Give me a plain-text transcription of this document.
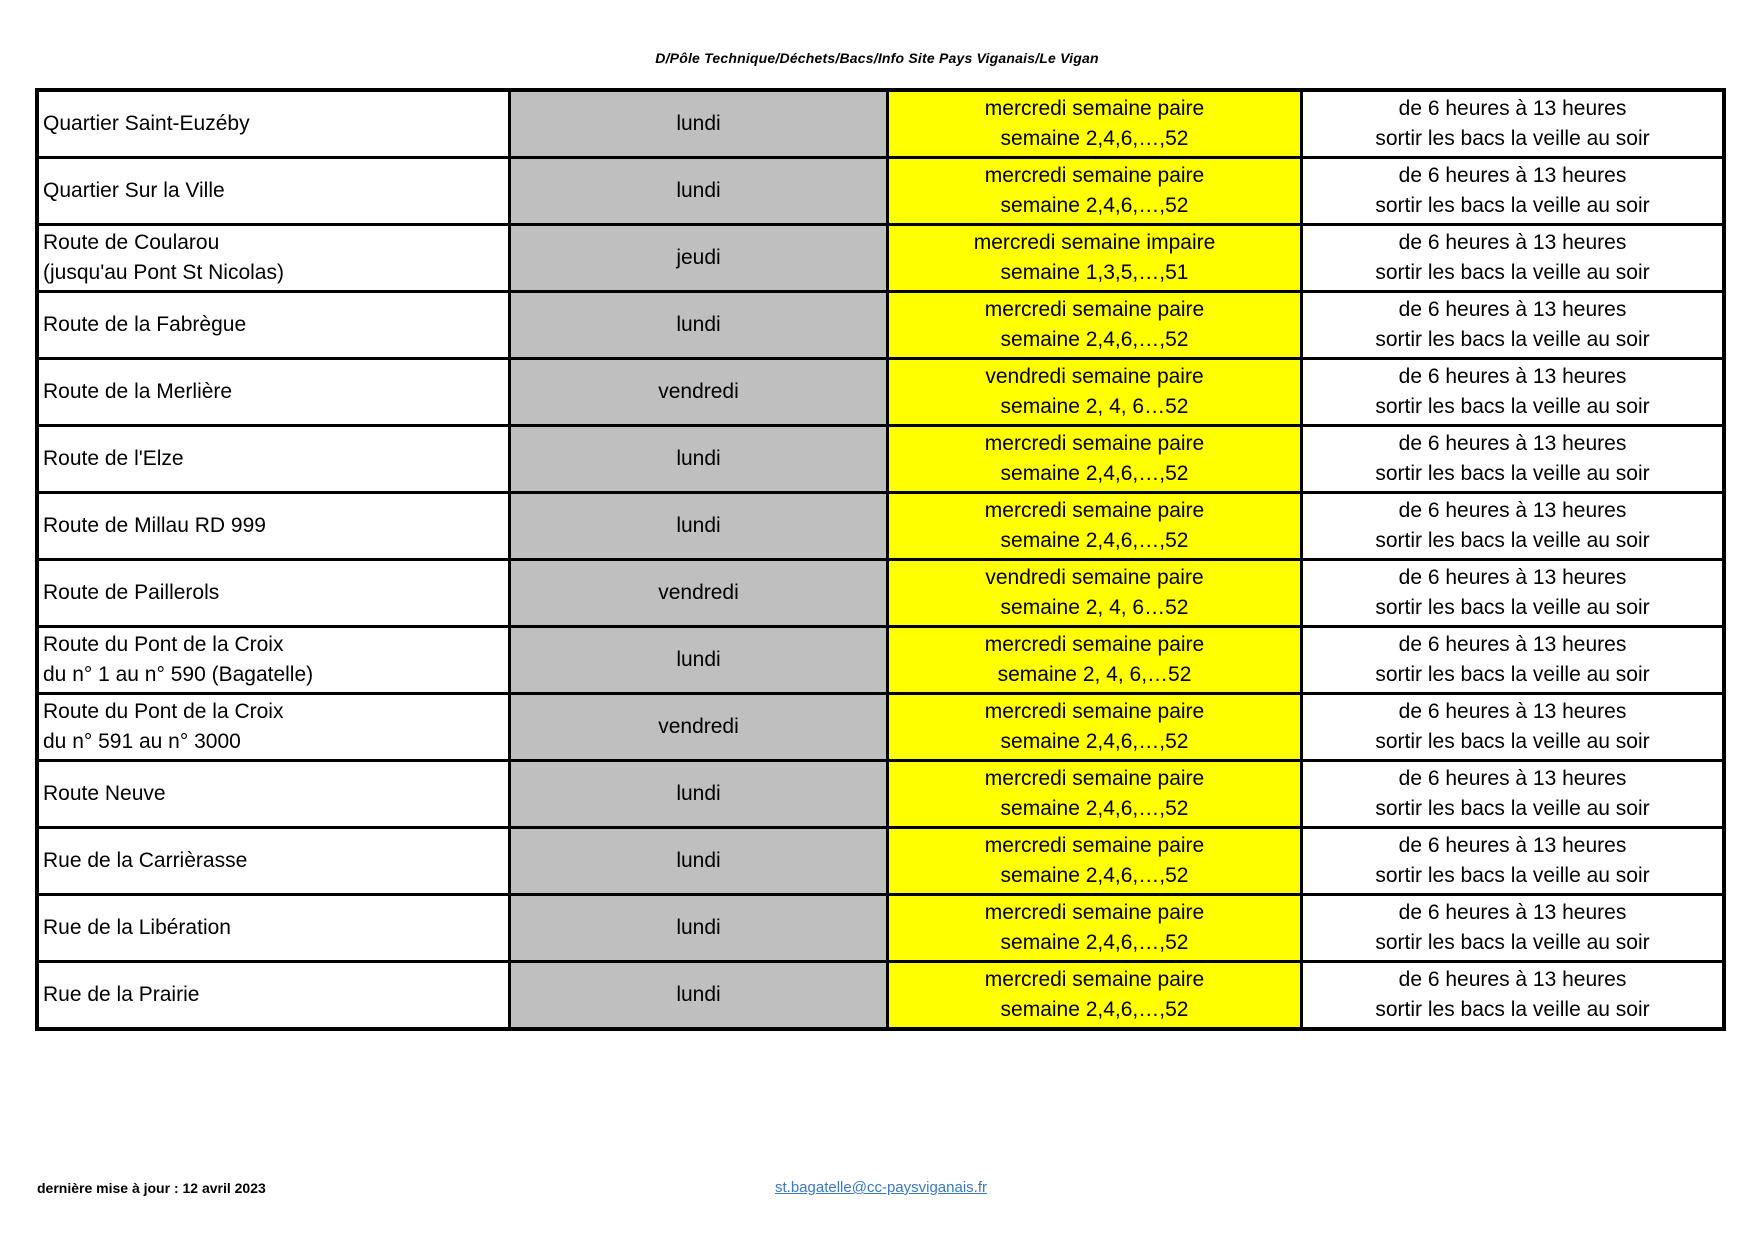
D/Pôle Technique/Déchets/Bacs/Info Site Pays Viganais/Le Vigan
Quartier Saint-Euzéby	lundi	mercredi semaine paire
semaine 2,4,6,…,52	de 6 heures à 13 heures
sortir les bacs la veille au soir

Quartier Sur la Ville	lundi	mercredi semaine paire
semaine 2,4,6,…,52	de 6 heures à 13 heures
sortir les bacs la veille au soir

Route de Coularou
(jusqu'au Pont St Nicolas)	jeudi	mercredi semaine impaire
semaine 1,3,5,…,51	de 6 heures à 13 heures
sortir les bacs la veille au soir

Route de la Fabrègue	lundi	mercredi semaine paire
semaine 2,4,6,…,52	de 6 heures à 13 heures
sortir les bacs la veille au soir

Route de la Merlière	vendredi	vendredi semaine paire
semaine 2, 4, 6…52	de 6 heures à 13 heures
sortir les bacs la veille au soir

Route de l'Elze	lundi	mercredi semaine paire
semaine 2,4,6,…,52	de 6 heures à 13 heures
sortir les bacs la veille au soir

Route de Millau RD 999	lundi	mercredi semaine paire
semaine 2,4,6,…,52	de 6 heures à 13 heures
sortir les bacs la veille au soir

Route de Paillerols	vendredi	vendredi semaine paire
semaine 2, 4, 6…52	de 6 heures à 13 heures
sortir les bacs la veille au soir

Route du Pont de la Croix
du n° 1 au n° 590 (Bagatelle)	lundi	mercredi semaine paire
semaine 2, 4, 6,…52	de 6 heures à 13 heures
sortir les bacs la veille au soir

Route du Pont de la Croix
du n° 591 au n° 3000	vendredi	mercredi semaine paire
semaine 2,4,6,…,52	de 6 heures à 13 heures
sortir les bacs la veille au soir

Route Neuve	lundi	mercredi semaine paire
semaine 2,4,6,…,52	de 6 heures à 13 heures
sortir les bacs la veille au soir

Rue de la Carrièrasse	lundi	mercredi semaine paire
semaine 2,4,6,…,52	de 6 heures à 13 heures
sortir les bacs la veille au soir

Rue de la Libération	lundi	mercredi semaine paire
semaine 2,4,6,…,52	de 6 heures à 13 heures
sortir les bacs la veille au soir

Rue de la Prairie	lundi	mercredi semaine paire
semaine 2,4,6,…,52	de 6 heures à 13 heures
sortir les bacs la veille au soir
dernière mise à jour : 12 avril 2023	st.bagatelle@cc-paysviganais.fr
